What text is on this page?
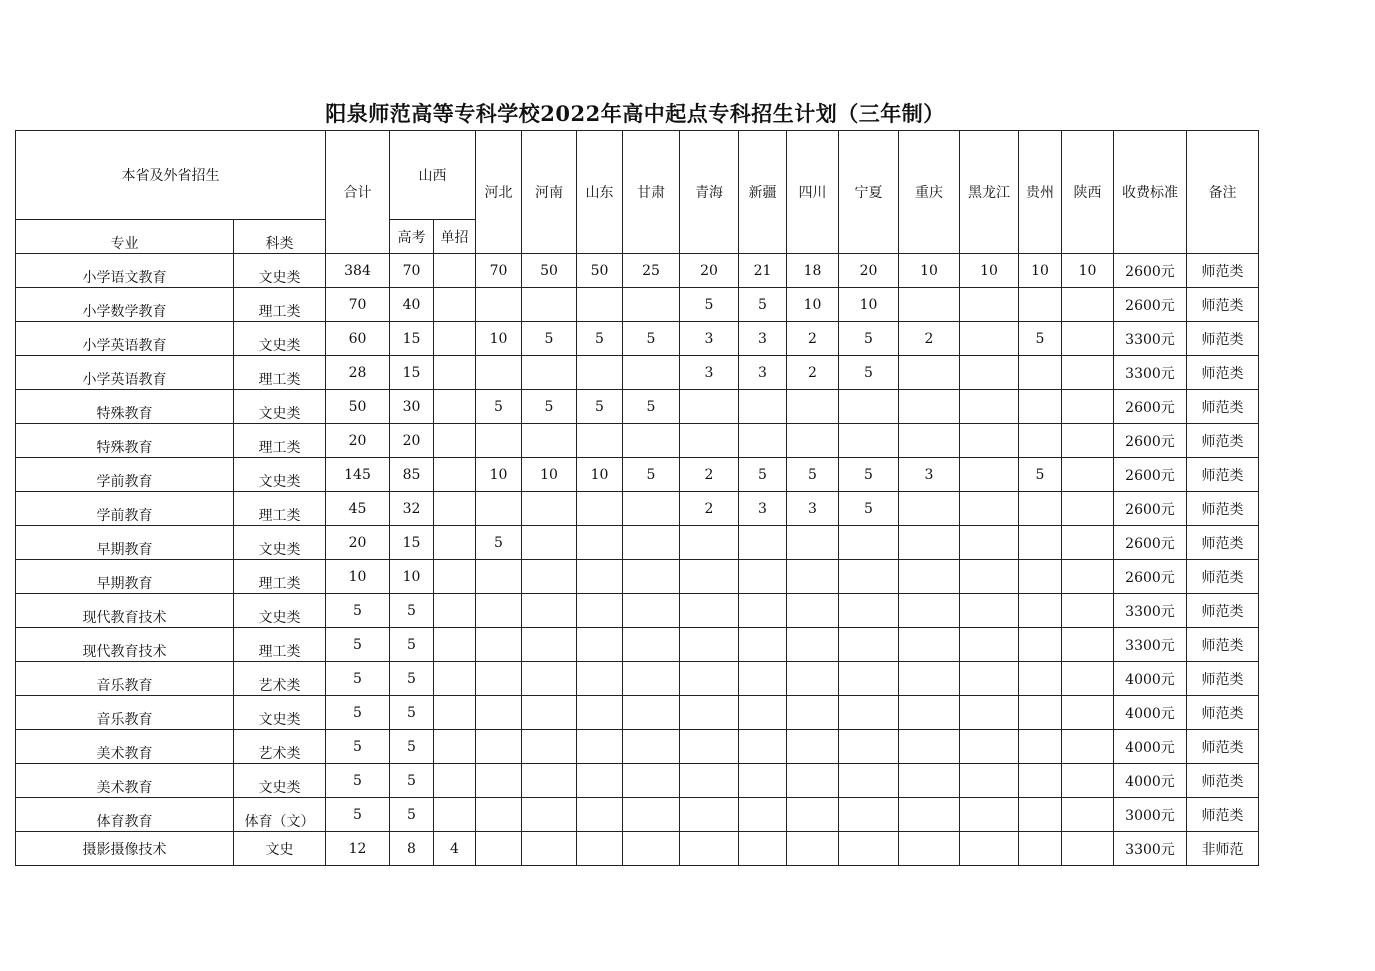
阳泉师范高等专科学校2022年高中起点专科招生计划（三年制）
本省及外省招生		合计	山西		河北	河南	山东	甘肃	青海	新疆	四川	宁夏	重庆	黑龙江	贵州	陕西	收费标准	备注

专业	科类		高考	单招														
小学语文教育	文史类	384	70		70	50	50	25	20	21	18	20	10	10	10	10	2600元	师范类
小学数学教育	理工类	70	40						5	5	10	10					2600元	师范类
小学英语教育	文史类	60	15		10	5	5	5	3	3	2	5	2		5		3300元	师范类
小学英语教育	理工类	28	15						3	3	2	5					3300元	师范类
特殊教育	文史类	50	30		5	5	5	5									2600元	师范类
特殊教育	理工类	20	20														2600元	师范类
学前教育	文史类	145	85		10	10	10	5	2	5	5	5	3		5		2600元	师范类
学前教育	理工类	45	32						2	3	3	5					2600元	师范类
早期教育	文史类	20	15		5												2600元	师范类
早期教育	理工类	10	10														2600元	师范类
现代教育技术	文史类	5	5														3300元	师范类
现代教育技术	理工类	5	5														3300元	师范类
音乐教育	艺术类	5	5														4000元	师范类
音乐教育	文史类	5	5														4000元	师范类
美术教育	艺术类	5	5														4000元	师范类
美术教育	文史类	5	5														4000元	师范类
体育教育	体育（文）	5	5														3000元	师范类
摄影摄像技术	文史	12	8	4													3300元	非师范
